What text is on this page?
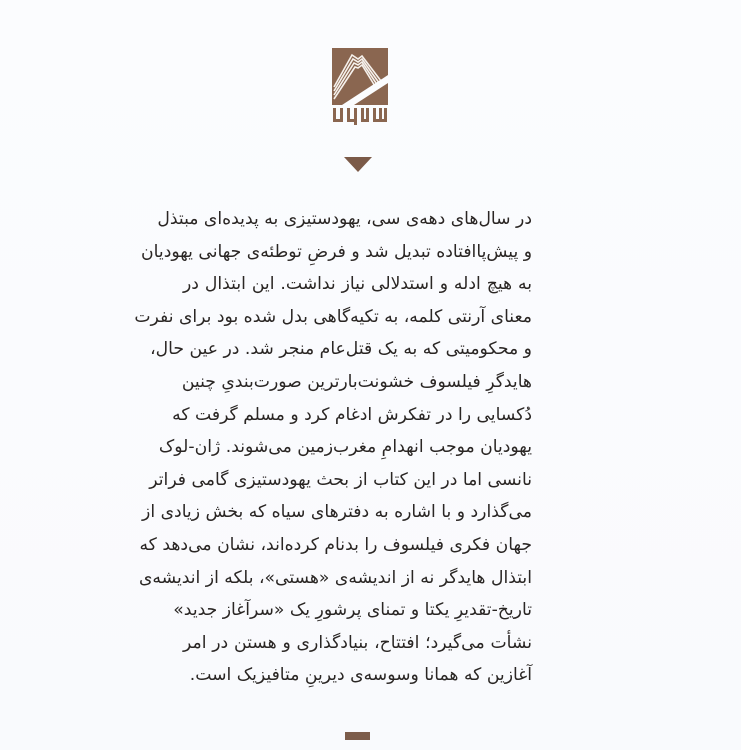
در سال‌های دهه‌ی سی، یهودستیزی به پدیده‌ای مبتذل
و پیش‌پاافتاده تبدیل شد و فرضِ توطئه‌ی جهانی یهودیان
به هیچ ادله و استدلالی نیاز نداشت. این ابتذال در
معنای آرنتی کلمه، به تکیه‌گاهی بدل شده بود برای نفرت
و محکومیتی که به یک قتل‌عام منجر شد. در عین حال،
هایدگرِ فیلسوف خشونت‌بارترین صورت‌بندیِ چنین
دُکسایی را در تفکرش ادغام کرد و مسلم گرفت که
یهودیان موجب انهدامِ مغرب‌زمین می‌شوند. ژان-لوک
نانسی اما در این کتاب از بحث یهودستیزی گامی فراتر
می‌گذارد و با اشاره به دفترهای سیاه که بخش زیادی از
جهان فکری فیلسوف را بدنام کرده‌اند، نشان می‌دهد که
ابتذال هایدگر نه از اندیشه‌ی «هستی»، بلکه از اندیشه‌ی
تاریخ-تقدیرِ یکتا و تمنای پرشورِ یک «سرآغاز جدید»
نشأت می‌گیرد؛ افتتاح، بنیادگذاری و هستن در امر
آغازین که همانا وسوسه‌ی دیرینِ متافیزیک است.
